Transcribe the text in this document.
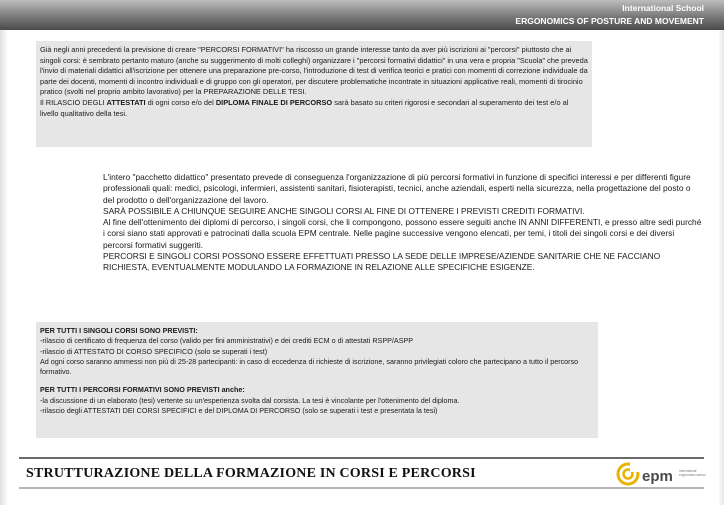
International School
ERGONOMICS OF POSTURE AND MOVEMENT

Già negli anni precedenti la previsione di creare "PERCORSI FORMATIVI" ha riscosso un grande interesse tanto da aver più iscrizioni ai "percorsi" piuttosto che ai singoli corsi: è sembrato pertanto maturo (anche su suggerimento di molti colleghi) organizzare i "percorsi formativi didattici" in una vera e propria "Scuola" che preveda l'invio di materiali didattici all'iscrizione per ottenere una preparazione pre-corso, l'introduzione di test di verifica teorici e pratici con momenti di correzione individuale da parte dei docenti, momenti di incontro individuali e di gruppo con gli operatori, per discutere problematiche incontrate in situazioni applicative reali, momenti di tirocinio pratico (svolti nel proprio ambito lavorativo) per la PREPARAZIONE DELLE TESI.

Il RILASCIO DEGLI ATTESTATI di ogni corso e/o del DIPLOMA FINALE DI PERCORSO sarà basato su criteri rigorosi e secondari al superamento dei test e/o al livello qualitativo della tesi.

L'intero "pacchetto didattico" presentato prevede di conseguenza l'organizzazione di più percorsi formativi in funzione di specifici interessi e per differenti figure professionali quali: medici, psicologi, infermieri, assistenti sanitari, fisioterapisti, tecnici, anche aziendali, esperti nella sicurezza, nella progettazione del posto o del prodotto o dell'organizzazione del lavoro.

SARÀ POSSIBILE A CHIUNQUE SEGUIRE ANCHE SINGOLI CORSI AL FINE DI OTTENERE I PREVISTI CREDITI FORMATIVI.

Al fine dell'ottenimento dei diplomi di percorso, i singoli corsi, che li compongono, possono essere seguiti anche IN ANNI DIFFERENTI, e presso altre sedi purché i corsi siano stati approvati e patrocinati dalla scuola EPM centrale. Nelle pagine successive vengono elencati, per temi, i titoli dei singoli corsi e dei diversi percorsi formativi suggeriti.

PERCORSI E SINGOLI CORSI POSSONO ESSERE EFFETTUATI PRESSO LA SEDE DELLE IMPRESE/AZIENDE SANITARIE CHE NE FACCIANO RICHIESTA, EVENTUALMENTE MODULANDO LA FORMAZIONE IN RELAZIONE ALLE SPECIFICHE ESIGENZE.

PER TUTTI I SINGOLI CORSI SONO PREVISTI:

-rilascio di certificato di frequenza del corso (valido per fini amministrativi) e dei crediti ECM o di attestati RSPP/ASPP

-rilascio di ATTESTATO DI CORSO SPECIFICO (solo se superati i test)

Ad ogni corso saranno ammessi non più di 25-28 partecipanti: in caso di eccedenza di richieste di iscrizione, saranno privilegiati coloro che partecipano a tutto il percorso formativo.

PER TUTTI I PERCORSI FORMATIVI SONO PREVISTI anche:

-la discussione di un elaborato (tesi) vertente su un'esperienza svolta dal corsista. La tesi è vincolante per l'ottenimento del diploma.

-rilascio degli ATTESTATI DEI CORSI SPECIFICI e del DIPLOMA DI PERCORSO (solo se superati i test e presentata la tesi)

STRUTTURAZIONE DELLA FORMAZIONE IN CORSI E PERCORSI	epm international ergonomics school
